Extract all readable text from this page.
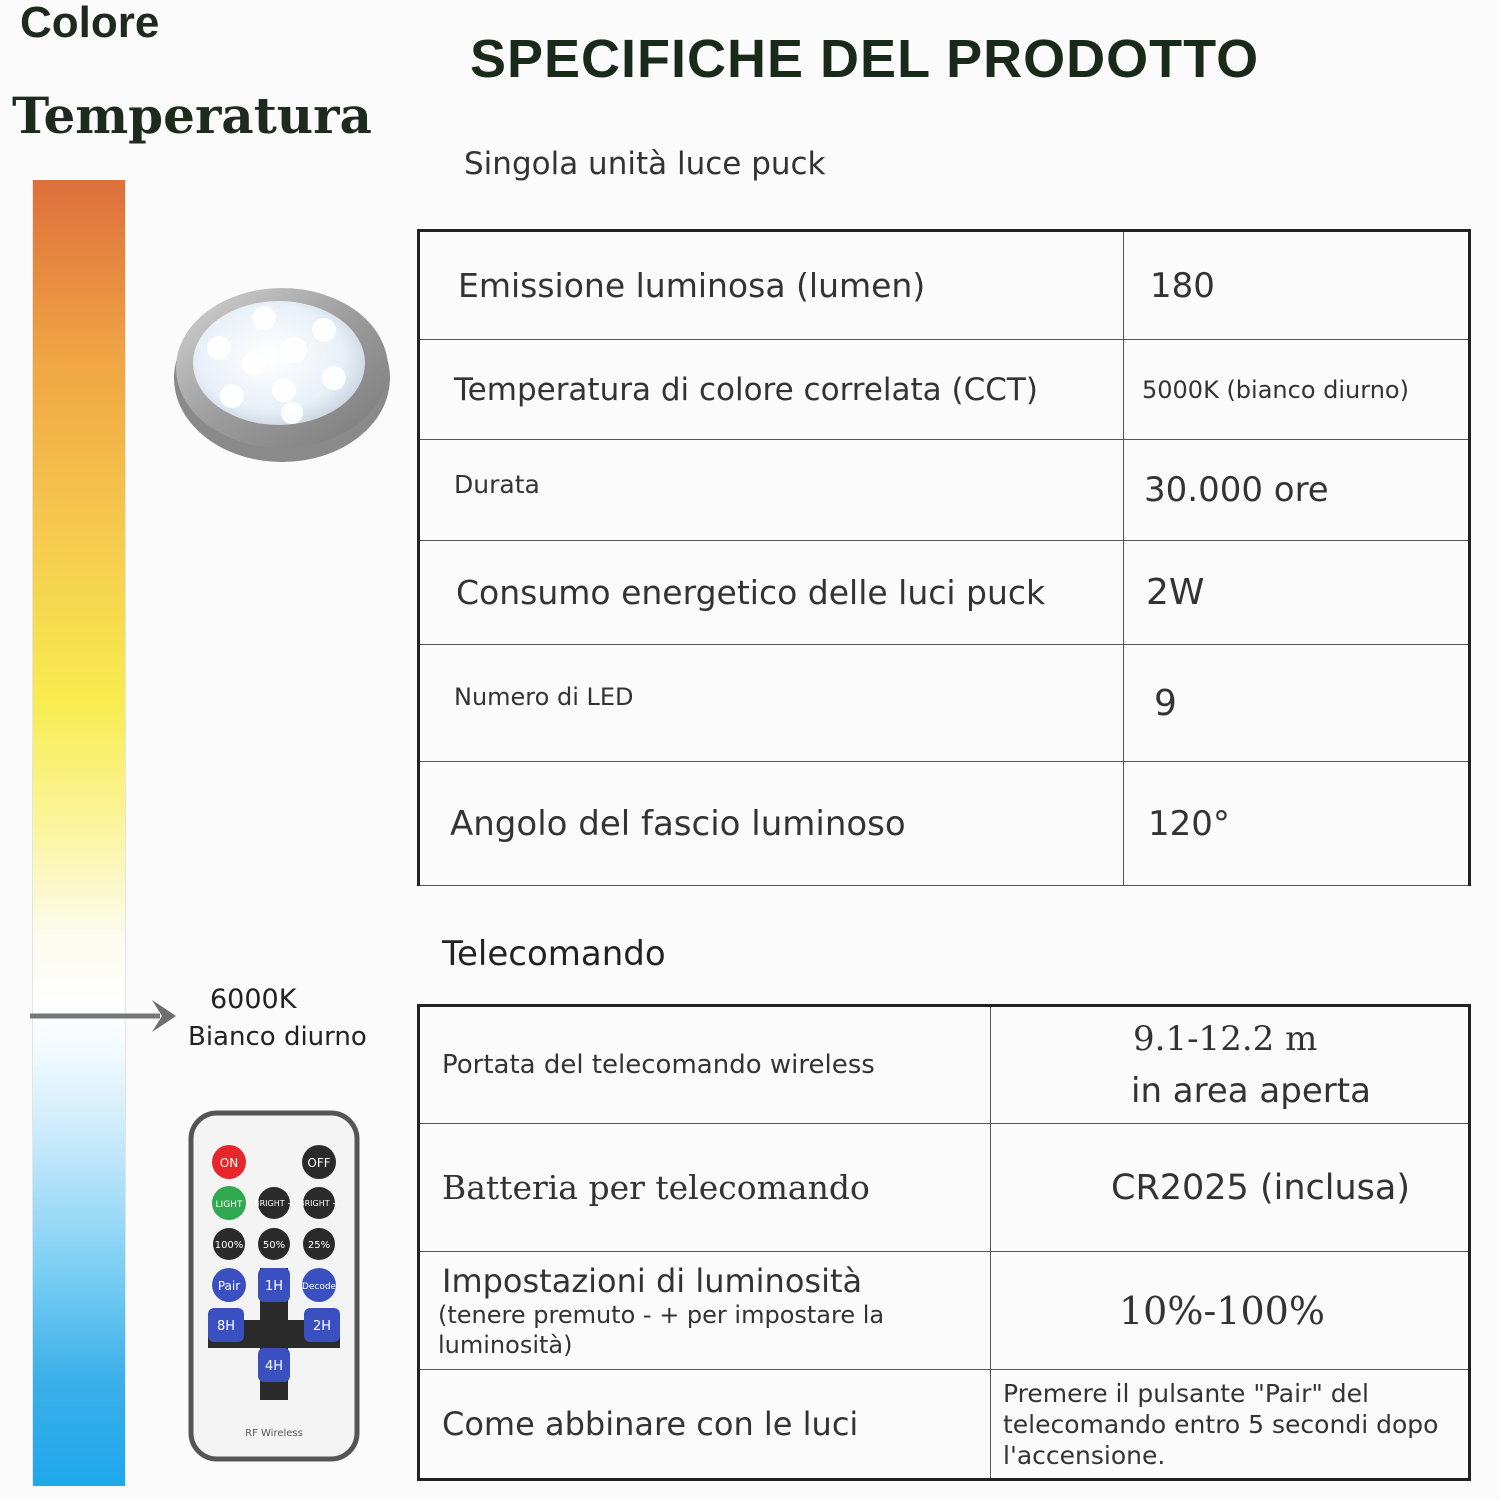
Colore
Temperatura
SPECIFICHE DEL PRODOTTO
Singola unità luce puck
6000K
Bianco diurno
ON	OFF
LIGHT BRIGHT + BRIGHT −
100% 50% 25%
Pair 1H Decode
8H	2H
4H
RF Wireless
Emissione luminosa (lumen)	180
Temperatura di colore correlata (CCT)	5000K (bianco diurno)
Durata	30.000 ore
Consumo energetico delle luci puck	2W
Numero di LED	9
Angolo del fascio luminoso	120°
Telecomando
Portata del telecomando wireless	9.1-12.2 m
in area aperta

Batteria per telecomando	CR2025 (inclusa)

Impostazioni di luminosità
(tenere premuto - + per impostare la luminosità)	10%-100%
Come abbinare con le luci	Premere il pulsante "Pair" del telecomando entro 5 secondi dopo l'accensione.
